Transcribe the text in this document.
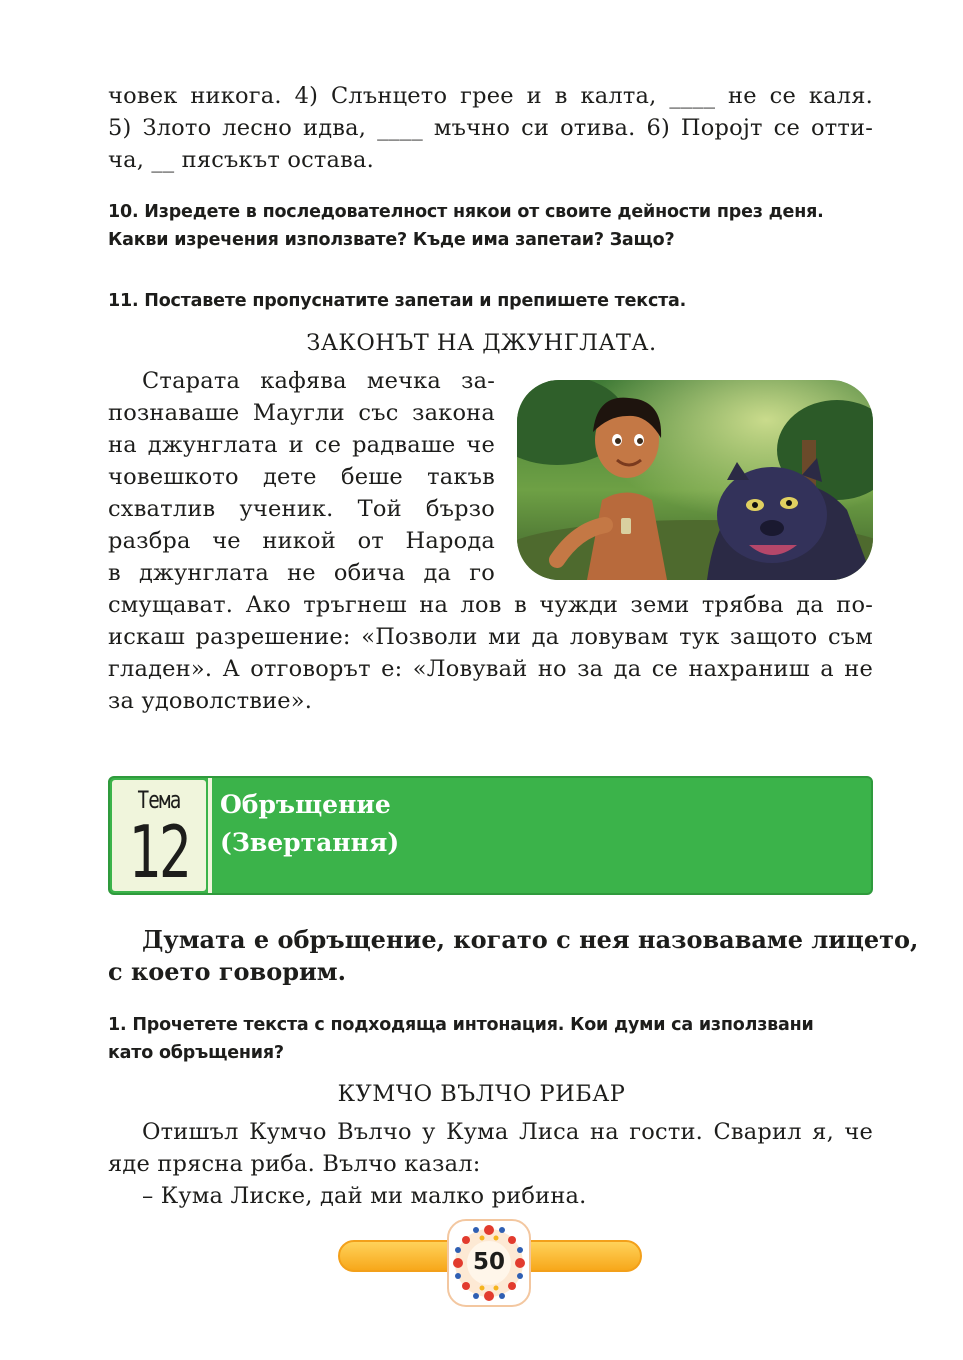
човек никога. 4) Слънцето грее и в калта, ____ не се каля.
5) Злото лесно идва, ____ мъчно си отива. 6) Поројт се отти-
ча, __ пясъкът остава.
10. Изредете в последователност някои от своите дейности през деня.
Какви изречения използвате? Къде има запетаи? Защо?
11. Поставете пропуснатите запетаи и препишете текста.
ЗАКОНЪТ НА ДЖУНГЛАТА.
Старата кафява мечка за-
познаваше Маугли със закона
на джунглата и се радваше че
човешкото дете беше такъв
схватлив ученик. Той бързо
разбра че никой от Народа
в джунглата не обича да го
смущават. Ако тръгнеш на лов в чужди земи трябва да по-
искаш разрешение: «Позволи ми да ловувам тук защото съм
гладен». А отговорът е: «Ловувай но за да се нахраниш а не
за удоволствие».
Тема
12
Обръщение
(Звертання)
Думата е обръщение, когато с нея назоваваме лицето,
с което говорим.
1. Прочетете текста с подходяща интонация. Кои думи са използвани
като обръщения?
КУМЧО ВЪЛЧО РИБАР
Отишъл Кумчо Вълчо у Кума Лиса на гости. Сварил я, че
яде прясна риба. Вълчо казал:
– Кума Лиске, дай ми малко рибина.
50
